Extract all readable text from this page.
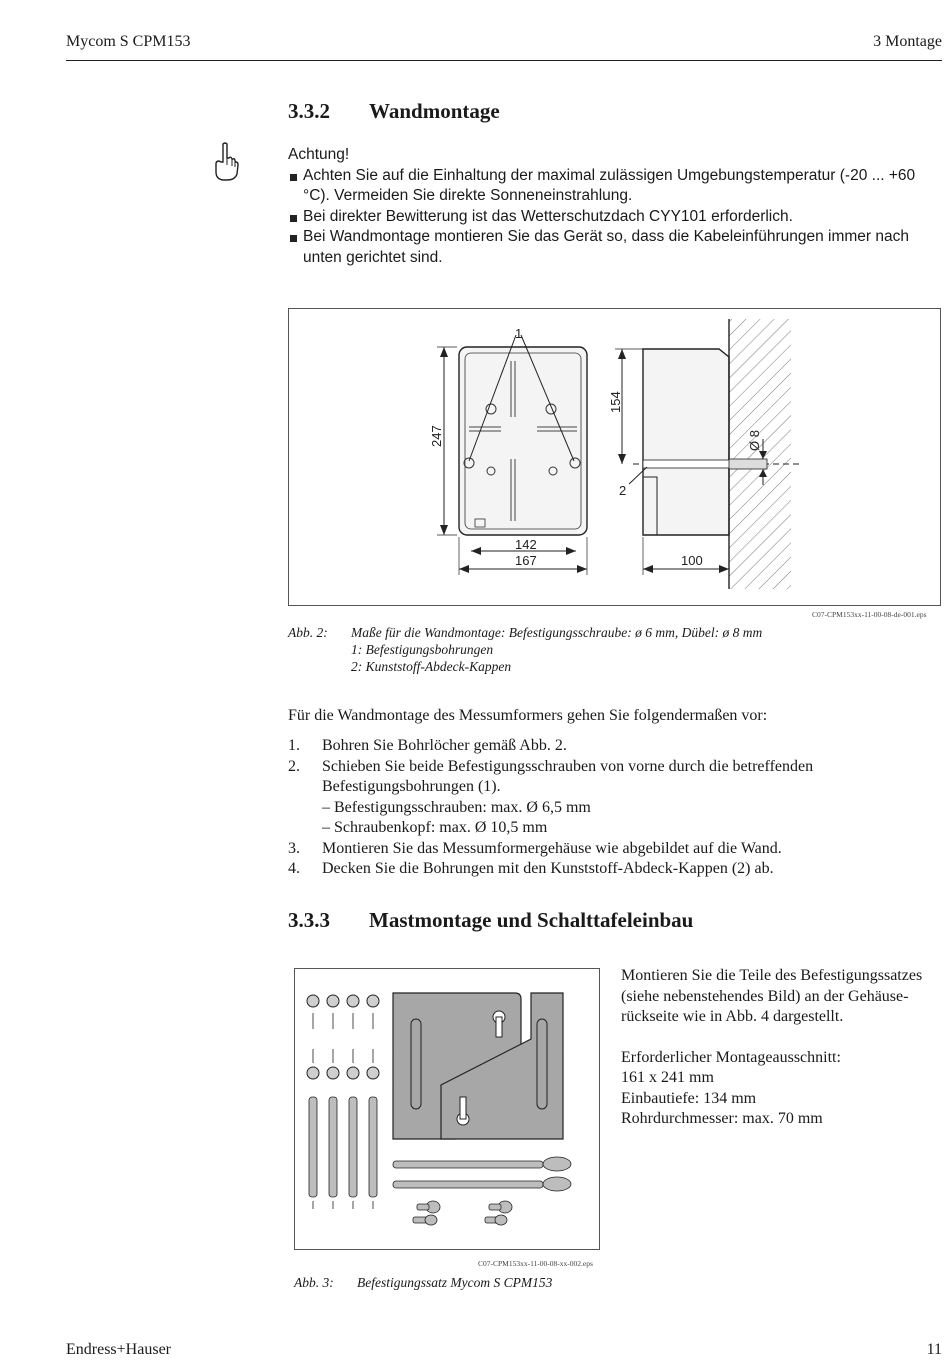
Mycom S CPM153	3 Montage
3.3.2 Wandmontage
Achtung!
Achten Sie auf die Einhaltung der maximal zulässigen Umgebungstemperatur (-20 ... +60 °C). Vermeiden Sie direkte Sonneneinstrahlung.
Bei direkter Bewitterung ist das Wetterschutzdach CYY101 erforderlich.
Bei Wandmontage montieren Sie das Gerät so, dass die Kabeleinführungen immer nach unten gerichtet sind.
1
247
142
167
Ø 8
154
2
100
C07-CPM153xx-11-00-08-de-001.eps
Abb. 2: Maße für die Wandmontage: Befestigungsschraube: ø 6 mm, Dübel: ø 8 mm
1: Befestigungsbohrungen
2: Kunststoff-Abdeck-Kappen
Für die Wandmontage des Messumformers gehen Sie folgendermaßen vor:
1. Bohren Sie Bohrlöcher gemäß Abb. 2.
2. Schieben Sie beide Befestigungsschrauben von vorne durch die betreffenden Befestigungsbohrungen (1).
– Befestigungsschrauben: max. Ø 6,5 mm
– Schraubenkopf: max. Ø 10,5 mm
3. Montieren Sie das Messumformergehäuse wie abgebildet auf die Wand.
4. Decken Sie die Bohrungen mit den Kunststoff-Abdeck-Kappen (2) ab.
3.3.3 Mastmontage und Schalttafeleinbau
C07-CPM153xx-11-00-08-xx-002.eps
Abb. 3: Befestigungssatz Mycom S CPM153
Montieren Sie die Teile des Befestigungssatzes (siehe nebenstehendes Bild) an der Gehäuse-rückseite wie in Abb. 4 dargestellt.
Erforderlicher Montageausschnitt:
161 x 241 mm
Einbautiefe: 134 mm
Rohrdurchmesser: max. 70 mm
Endress+Hauser	11
